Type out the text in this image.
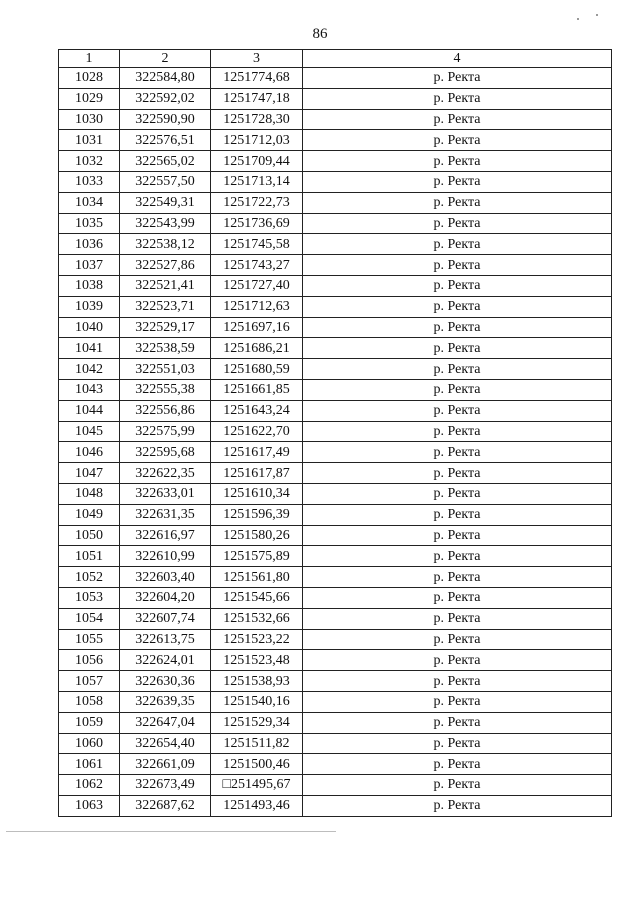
86
1	2	3	4
1028	322584,80	1251774,68	р. Ректа
1029	322592,02	1251747,18	р. Ректа
1030	322590,90	1251728,30	р. Ректа
1031	322576,51	1251712,03	р. Ректа
1032	322565,02	1251709,44	р. Ректа
1033	322557,50	1251713,14	р. Ректа
1034	322549,31	1251722,73	р. Ректа
1035	322543,99	1251736,69	р. Ректа
1036	322538,12	1251745,58	р. Ректа
1037	322527,86	1251743,27	р. Ректа
1038	322521,41	1251727,40	р. Ректа
1039	322523,71	1251712,63	р. Ректа
1040	322529,17	1251697,16	р. Ректа
1041	322538,59	1251686,21	р. Ректа
1042	322551,03	1251680,59	р. Ректа
1043	322555,38	1251661,85	р. Ректа
1044	322556,86	1251643,24	р. Ректа
1045	322575,99	1251622,70	р. Ректа
1046	322595,68	1251617,49	р. Ректа
1047	322622,35	1251617,87	р. Ректа
1048	322633,01	1251610,34	р. Ректа
1049	322631,35	1251596,39	р. Ректа
1050	322616,97	1251580,26	р. Ректа
1051	322610,99	1251575,89	р. Ректа
1052	322603,40	1251561,80	р. Ректа
1053	322604,20	1251545,66	р. Ректа
1054	322607,74	1251532,66	р. Ректа
1055	322613,75	1251523,22	р. Ректа
1056	322624,01	1251523,48	р. Ректа
1057	322630,36	1251538,93	р. Ректа
1058	322639,35	1251540,16	р. Ректа
1059	322647,04	1251529,34	р. Ректа
1060	322654,40	1251511,82	р. Ректа
1061	322661,09	1251500,46	р. Ректа
1062	322673,49	□251495,67	р. Ректа
1063	322687,62	1251493,46	р. Ректа
